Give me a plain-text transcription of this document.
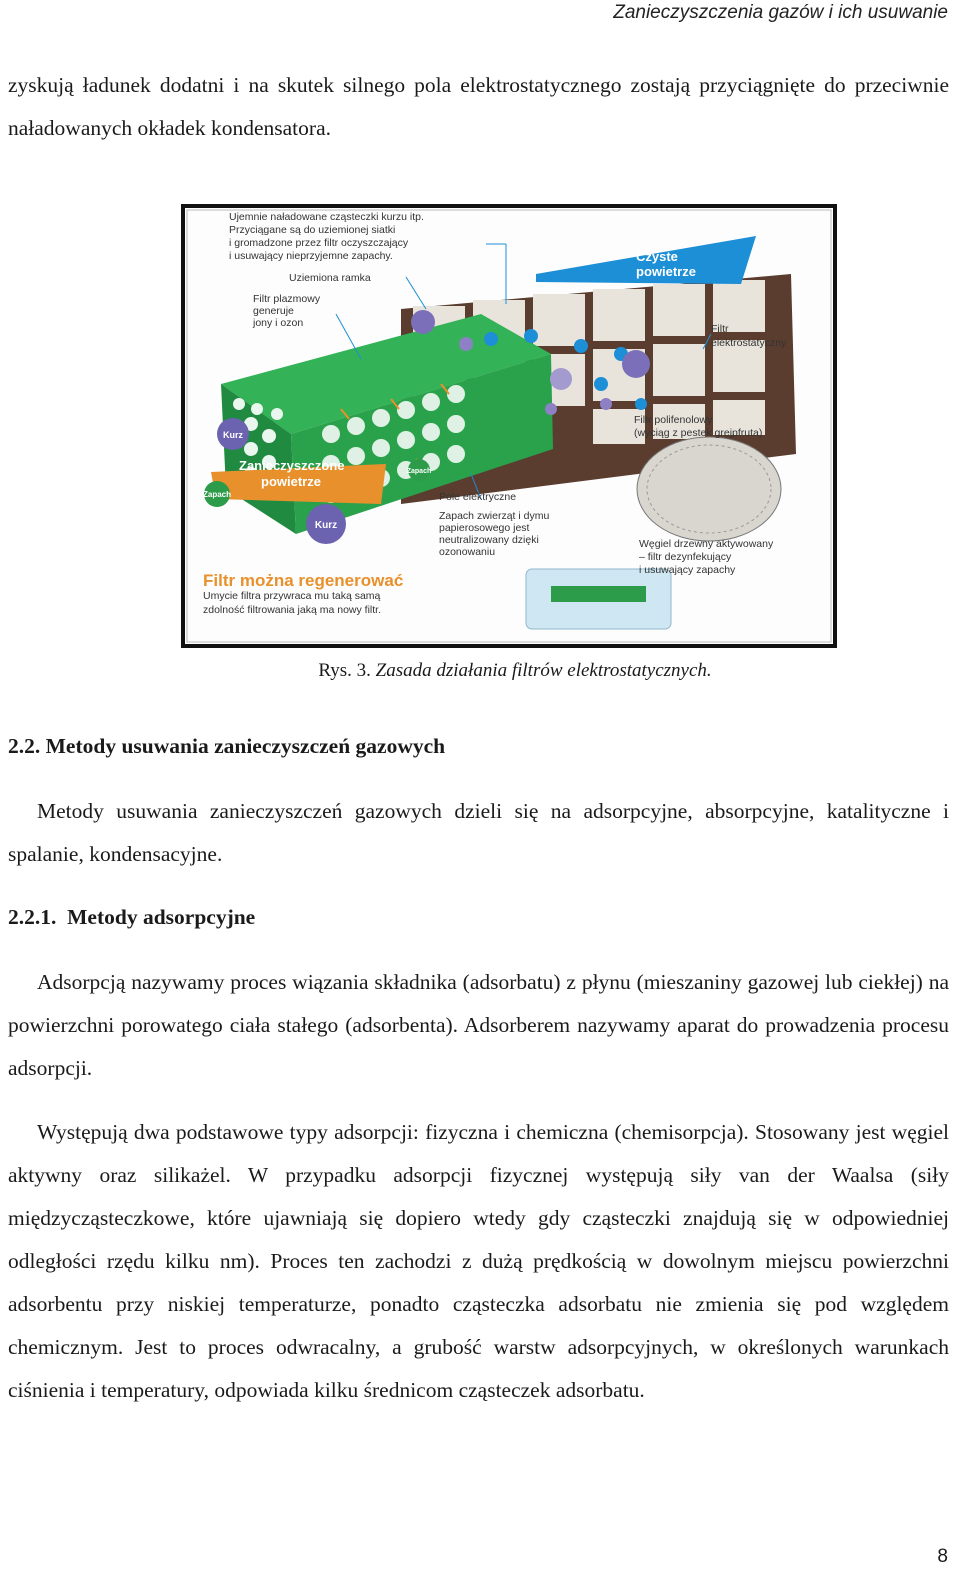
Zanieczyszczenia gazów i ich usuwanie
zyskują ładunek dodatni i na skutek silnego pola elektrostatycznego zostają przyciągnięte do przeciwnie naładowanych okładek kondensatora.
Czyste
powietrze
Zanieczyszczone
powietrze
Kurz
Kurz
Zapach
Zapach
Ujemnie naładowane cząsteczki kurzu itp.
Przyciągane są do uziemionej siatki
i gromadzone przez filtr oczyszczający
i usuwający nieprzyjemne zapachy.
Uziemiona ramka
Filtr plazmowy
generuje
jony i ozon	Filtr
elektrostatyczny
Filtr polifenolowy
(wyciąg z pestek grejpfruta)
Pole elektryczne
Zapach zwierząt i dymu
papierosowego jest
neutralizowany dzięki
ozonowaniu
Węgiel drzewny aktywowany
– filtr dezynfekujący
i usuwający zapachy
Umycie filtra przywraca mu taką samą
zdolność filtrowania jaką ma nowy filtr.
Filtr można regenerować
Rys. 3. Zasada działania filtrów elektrostatycznych.
2.2. Metody usuwania zanieczyszczeń gazowych
Metody usuwania zanieczyszczeń gazowych dzieli się na adsorpcyjne, absorpcyjne, katalityczne i spalanie, kondensacyjne.
2.2.1. Metody adsorpcyjne
Adsorpcją nazywamy proces wiązania składnika (adsorbatu) z płynu (mieszaniny gazowej lub ciekłej) na powierzchni porowatego ciała stałego (adsorbenta). Adsorberem nazywamy aparat do prowadzenia procesu adsorpcji.
Występują dwa podstawowe typy adsorpcji: fizyczna i chemiczna (chemisorpcja). Stosowany jest węgiel aktywny oraz silikażel. W przypadku adsorpcji fizycznej występują siły van der Waalsa (siły międzycząsteczkowe, które ujawniają się dopiero wtedy gdy cząsteczki znajdują się w odpowiedniej odległości rzędu kilku nm). Proces ten zachodzi z dużą prędkością w dowolnym miejscu powierzchni adsorbentu przy niskiej temperaturze, ponadto cząsteczka adsorbatu nie zmienia się pod względem chemicznym. Jest to proces odwracalny, a grubość warstw adsorpcyjnych, w określonych warunkach ciśnienia i temperatury, odpowiada kilku średnicom cząsteczek adsorbatu.
8
